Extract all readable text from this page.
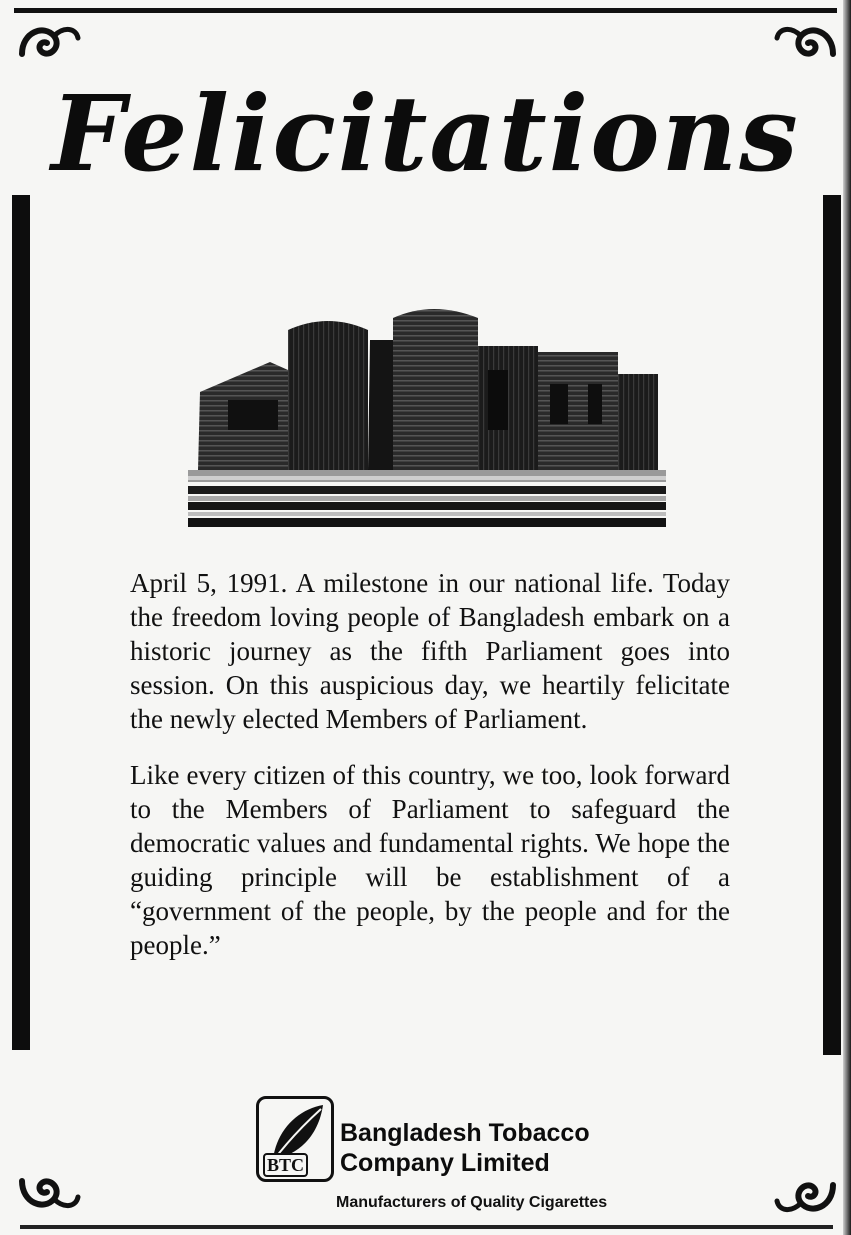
Felicitations

April 5, 1991. A milestone in our national life. Today the freedom loving people of Bangladesh embark on a historic journey as the fifth Parliament goes into session. On this auspicious day, we heartily felicitate the newly elected Members of Parliament.

Like every citizen of this country, we too, look forward to the Members of Parliament to safeguard the democratic values and fundamental rights. We hope the guiding principle will be establishment of a “government of the people, by the people and for the people.”

BTC
Bangladesh Tobacco
Company Limited
Manufacturers of Quality Cigarettes
